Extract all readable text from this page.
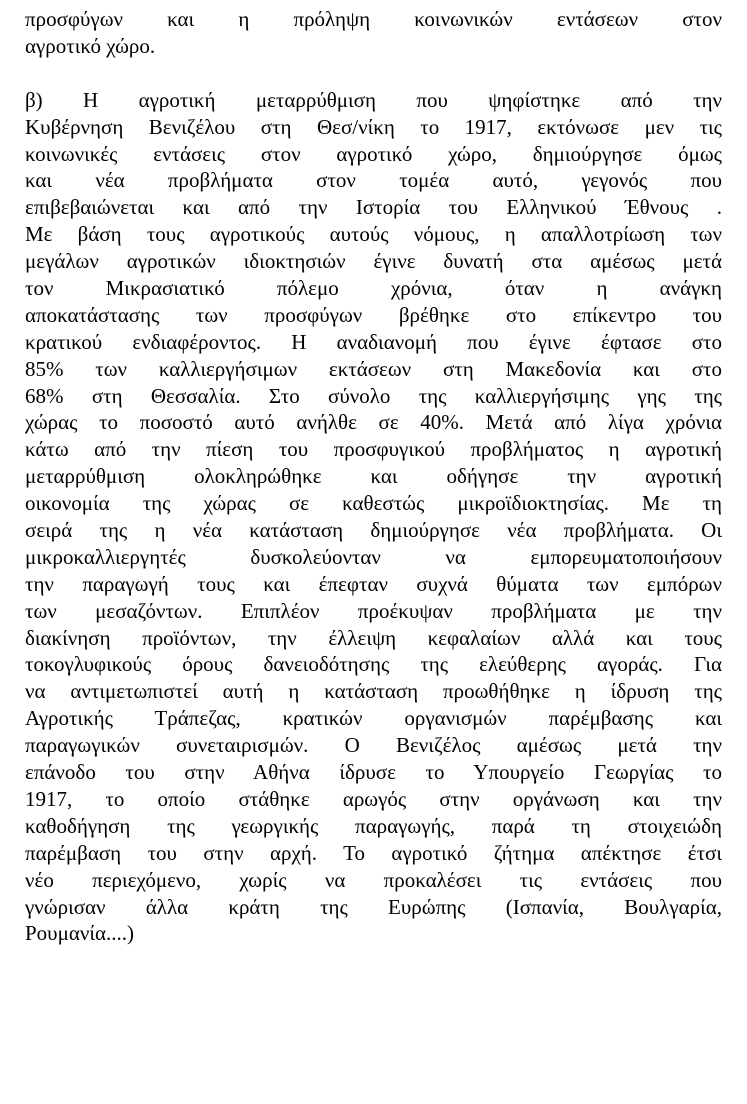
προσφύγων και η πρόληψη κοινωνικών εντάσεων στον
αγροτικό χώρο.
β) Η αγροτική μεταρρύθμιση που ψηφίστηκε από την
Κυβέρνηση Βενιζέλου στη Θεσ/νίκη το 1917, εκτόνωσε μεν τις
κοινωνικές εντάσεις στον αγροτικό χώρο, δημιούργησε όμως
και νέα προβλήματα στον τομέα αυτό, γεγονός που
επιβεβαιώνεται και από την Ιστορία του Ελληνικού Έθνους .
Με βάση τους αγροτικούς αυτούς νόμους, η απαλλοτρίωση των
μεγάλων αγροτικών ιδιοκτησιών έγινε δυνατή στα αμέσως μετά
τον Μικρασιατικό πόλεμο χρόνια, όταν η ανάγκη
αποκατάστασης των προσφύγων βρέθηκε στο επίκεντρο του
κρατικού ενδιαφέροντος. Η αναδιανομή που έγινε έφτασε στο
85% των καλλιεργήσιμων εκτάσεων στη Μακεδονία και στο
68% στη Θεσσαλία. Στο σύνολο της καλλιεργήσιμης γης της
χώρας το ποσοστό αυτό ανήλθε σε 40%. Μετά από λίγα χρόνια
κάτω από την πίεση του προσφυγικού προβλήματος η αγροτική
μεταρρύθμιση ολοκληρώθηκε και οδήγησε την αγροτική
οικονομία της χώρας σε καθεστώς μικροϊδιοκτησίας. Με τη
σειρά της η νέα κατάσταση δημιούργησε νέα προβλήματα. Οι
μικροκαλλιεργητές δυσκολεύονταν να εμπορευματοποιήσουν
την παραγωγή τους και έπεφταν συχνά θύματα των εμπόρων
των μεσαζόντων. Επιπλέον προέκυψαν προβλήματα με την
διακίνηση προϊόντων, την έλλειψη κεφαλαίων αλλά και τους
τοκογλυφικούς όρους δανειοδότησης της ελεύθερης αγοράς. Για
να αντιμετωπιστεί αυτή η κατάσταση προωθήθηκε η ίδρυση της
Αγροτικής Τράπεζας, κρατικών οργανισμών παρέμβασης και
παραγωγικών συνεταιρισμών. Ο Βενιζέλος αμέσως μετά την
επάνοδο του στην Αθήνα ίδρυσε το Υπουργείο Γεωργίας το
1917, το οποίο στάθηκε αρωγός στην οργάνωση και την
καθοδήγηση της γεωργικής παραγωγής, παρά τη στοιχειώδη
παρέμβαση του στην αρχή. Το αγροτικό ζήτημα απέκτησε έτσι
νέο περιεχόμενο, χωρίς να προκαλέσει τις εντάσεις που
γνώρισαν άλλα κράτη της Ευρώπης (Ισπανία, Βουλγαρία,
Ρουμανία....)
